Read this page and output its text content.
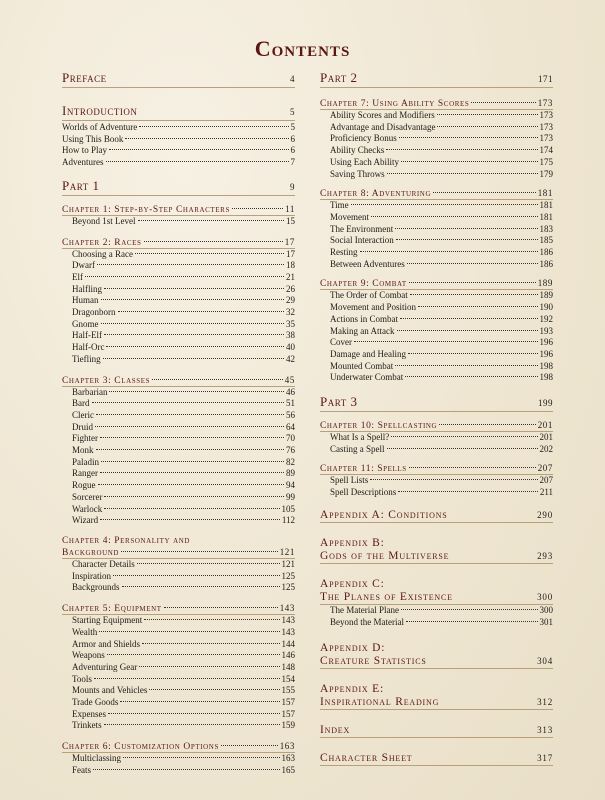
Contents
Preface	4
Introduction	5
Worlds of Adventure	5
Using This Book	6
How to Play	6
Adventures	7
Part 1	9
Chapter 1: Step-by-Step Characters	11
Beyond 1st Level	15
Chapter 2: Races	17
Choosing a Race	17
Dwarf	18
Elf	21
Halfling	26
Human	29
Dragonborn	32
Gnome	35
Half-Elf	38
Half-Orc	40
Tiefling	42
Chapter 3: Classes	45
Barbarian	46
Bard	51
Cleric	56
Druid	64
Fighter	70
Monk	76
Paladin	82
Ranger	89
Rogue	94
Sorcerer	99
Warlock	105
Wizard	112
Chapter 4: Personality and
Background	121
Character Details	121
Inspiration	125
Backgrounds	125
Chapter 5: Equipment	143
Starting Equipment	143
Wealth	143
Armor and Shields	144
Weapons	146
Adventuring Gear	148
Tools	154
Mounts and Vehicles	155
Trade Goods	157
Expenses	157
Trinkets	159
Chapter 6: Customization Options	163
Multiclassing	163
Feats	165
Part 2	171
Chapter 7: Using Ability Scores	173
Ability Scores and Modifiers	173
Advantage and Disadvantage	173
Proficiency Bonus	173
Ability Checks	174
Using Each Ability	175
Saving Throws	179
Chapter 8: Adventuring	181
Time	181
Movement	181
The Environment	183
Social Interaction	185
Resting	186
Between Adventures	186
Chapter 9: Combat	189
The Order of Combat	189
Movement and Position	190
Actions in Combat	192
Making an Attack	193
Cover	196
Damage and Healing	196
Mounted Combat	198
Underwater Combat	198
Part 3	199
Chapter 10: Spellcasting	201
What Is a Spell?	201
Casting a Spell	202
Chapter 11: Spells	207
Spell Lists	207
Spell Descriptions	211
Appendix A: Conditions	290
Appendix B:
Gods of the Multiverse	293
Appendix C:
The Planes of Existence	300
The Material Plane	300
Beyond the Material	301
Appendix D:
Creature Statistics	304
Appendix E:
Inspirational Reading	312
Index	313
Character Sheet	317
